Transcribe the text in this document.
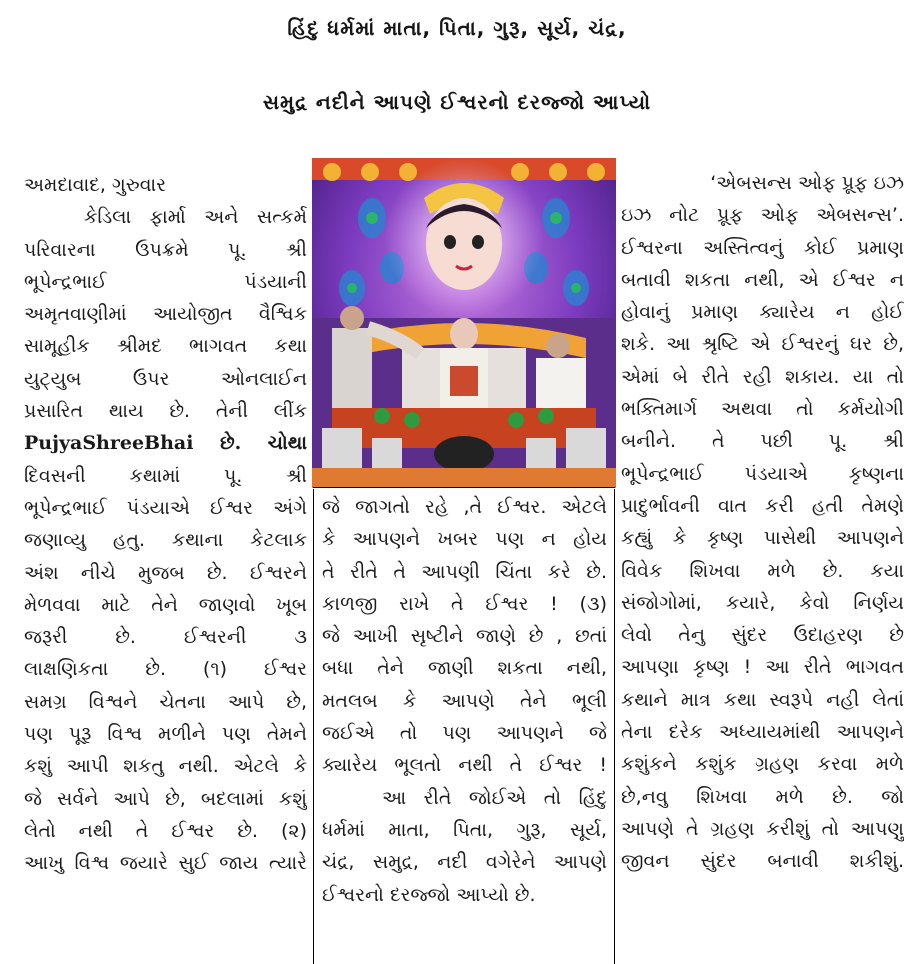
હિંદુ ધર્મમાં માતા, પિતા, ગુરૂ, સૂર્ય, ચંદ્ર,
સમુદ્ર નદીને આપણે ઈશ્વરનો દરજ્જો આપ્યો
અમદાવાદ, ગુરુવાર
કેડિલા ફાર્મા અને સત્કર્મ
પરિવારના ઉપક્રમે પૂ. શ્રી
ભૂપેન્દ્રભાઈ પંડયાની
અમૃતવાણીમાં આયોજીત વૈશ્વિક
સામૂહીક શ્રીમદ ભાગવત કથા
યુટ્યુબ ઉપર ઓનલાઈન
પ્રસારિત થાય છે. તેની લીંક
PujyaShreeBhai છે. ચોથા
દિવસની કથામાં પૂ. શ્રી
ભૂપેન્દ્રભાઈ પંડયાએ ઈશ્વર અંગે
જણાવ્યુ હતુ. કથાના કેટલાક
અંશ નીચે મુજબ છે. ઈશ્વરને
મેળવવા માટે તેને જાણવો ખૂબ
જરૂરી છે. ઈશ્વરની ૩
લાક્ષણિકતા છે. (૧) ઈશ્વર
સમગ્ર વિશ્વને ચેતના આપે છે,
પણ પૂરૂ વિશ્વ મળીને પણ તેમને
કશું આપી શકતુ નથી. એટલે કે
જે સર્વને આપે છે, બદલામાં કશું
લેતો નથી તે ઈશ્વર છે. (૨)
આખુ વિશ્વ જયારે સુઈ જાય ત્યારે
જે જાગતો રહે ,તે ઈશ્વર. એટલે
કે આપણને ખબર પણ ન હોય
તે રીતે તે આપણી ચિંતા કરે છે.
કાળજી રાખે તે ઈશ્વર ! (૩)
જે આખી સૃષ્ટીને જાણે છે , છતાં
બધા તેને જાણી શકતા નથી,
મતલબ કે આપણે તેને ભૂલી
જઈએ તો પણ આપણને જે
ક્યારેય ભૂલતો નથી તે ઈશ્વર !
આ રીતે જોઈએ તો હિંદુ
ધર્મમાં માતા, પિતા, ગુરૂ, સૂર્ય,
ચંદ્ર, સમુદ્ર, નદી વગેરેને આપણે
ઈશ્વરનો દરજ્જો આપ્યો છે.
‘એબસન્સ ઓફ પ્રૂફ ઇઝ
ઇઝ નોટ પ્રૂફ ઓફ એબસન્સ’.
ઈશ્વરના અસ્તિત્વનું કોઈ પ્રમાણ
બતાવી શકતા નથી, એ ઈશ્વર ન
હોવાનું પ્રમાણ ક્યારેય ન હોઈ
શકે. આ શ્રૃષ્ટિ એ ઈશ્વરનું ઘર છે,
એમાં બે રીતે રહી શકાય. યા તો
ભક્તિમાર્ગ અથવા તો કર્મયોગી
બનીને. તે પછી પૂ. શ્રી
ભૂપેન્દ્રભાઈ પંડયાએ કૃષ્ણના
પ્રાદુર્ભાવની વાત કરી હતી તેમણે
કહ્યું કે કૃષ્ણ પાસેથી આપણને
વિવેક શિખવા મળે છે. કયા
સંજોગોમાં, કયારે, કેવો નિર્ણય
લેવો તેનુ સુંદર ઉદાહરણ છે
આપણા કૃષ્ણ ! આ રીતે ભાગવત
કથાને માત્ર કથા સ્વરૂપે નહી લેતાં
તેના દરેક અધ્યાયમાંથી આપણને
કશુંકને કશુંક ગ્રહણ કરવા મળે
છે,નવુ શિખવા મળે છે. જો
આપણે તે ગ્રહણ કરીશું તો આપણુ
જીવન સુંદર બનાવી શકીશું.
